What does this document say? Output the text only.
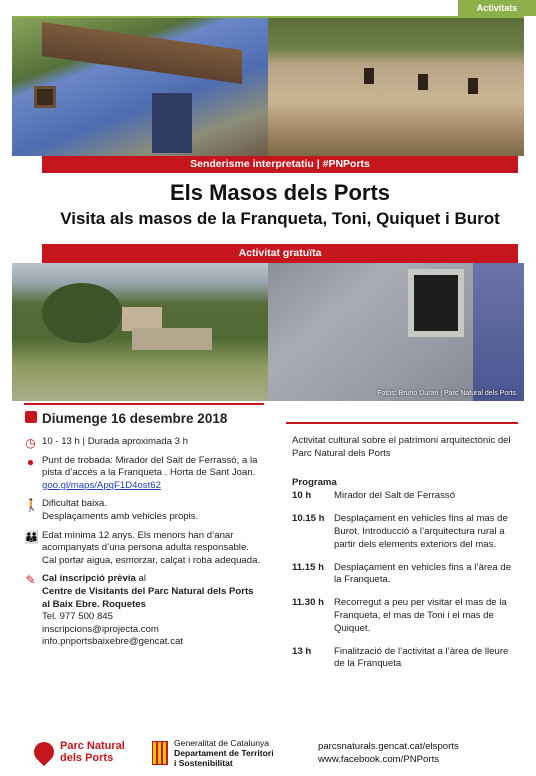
Activitats
Fotos: Bruno Duran | Parc Natural dels Ports
Senderisme interpretatiu | #PNPorts
Els Masos dels Ports
Visita als masos de la Franqueta, Toni, Quiquet i Burot
Activitat gratuïta
Diumenge 16 desembre 2018
◷ 10 - 13 h | Durada aproximada 3 h
● Punt de trobada: Mirador del Salt de Ferrassó, a la pista d’accés a la Franqueta . Horta de Sant Joan.
goo.gl/maps/ApqF1D4ost62
🚶 Dificultat baixa.
Desplaçaments amb vehicles propis.
👪 Edat mínima 12 anys. Els menors han d’anar acompanyats d’una persona adulta responsable.
Cal portar aigua, esmorzar, calçat i roba adequada.
✎ Cal inscripció prèvia al
Centre de Visitants del Parc Natural dels Ports al Baix Ebre. Roquetes
Tel. 977 500 845
inscripcions@iprojecta.com
info.pnportsbaixebre@gencat.cat
Activitat cultural sobre el patrimoni arquitectònic del Parc Natural dels Ports
Programa
10 h	Mirador del Salt de Ferrassó
10.15 h Desplaçament en vehicles fins al mas de Burot. Introducció a l’arquitectura rural a partir dels elements exteriors del mas.
11.15 h	Desplaçament en vehicles fins a l’àrea de la Franqueta.
11.30 h	Recorregut a peu per visitar el mas de la Franqueta, el mas de Toni i el mas de Quiquet.
13 h	Finalització de l’activitat a l’àrea de lleure de la Franqueta
Parc Natural
dels Ports
Generalitat de Catalunya
Departament de Territori
i Sostenibilitat
parcsnaturals.gencat.cat/elsports
www.facebook.com/PNPorts
